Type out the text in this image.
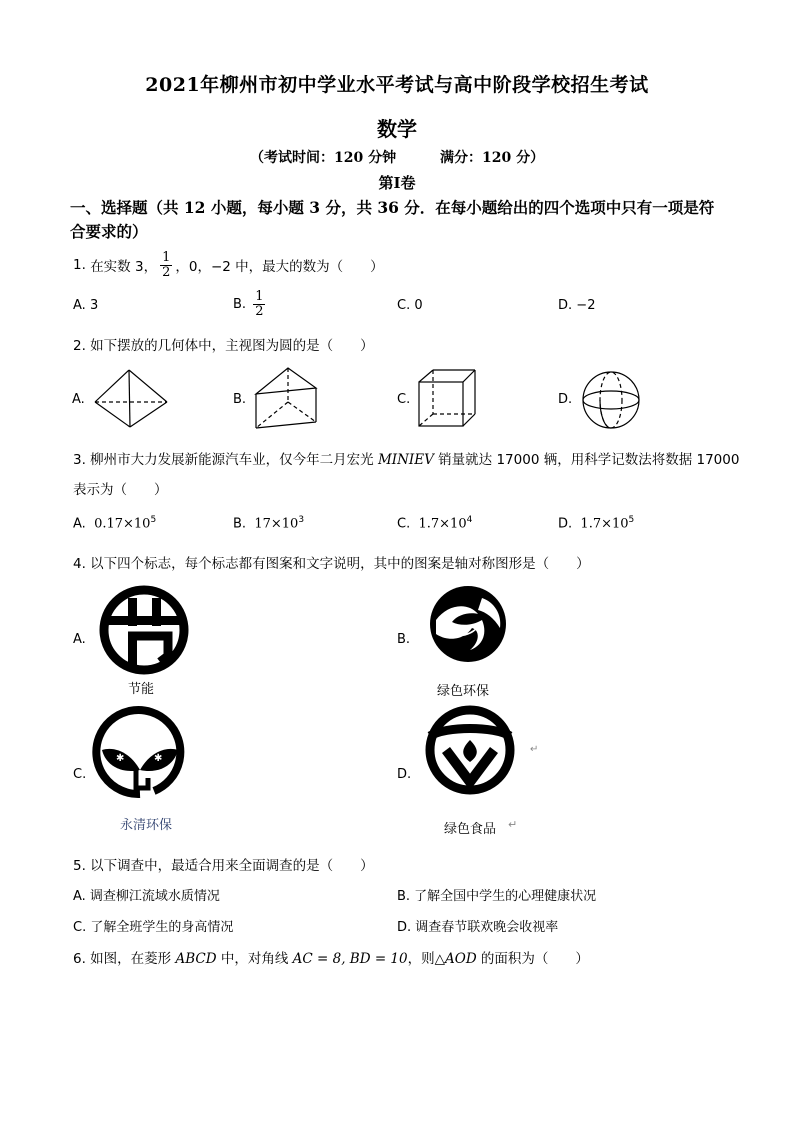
2021年柳州市初中学业水平考试与高中阶段学校招生考试
数学
（考试时间：120 分钟	满分：120 分）
第Ⅰ卷
一、选择题（共 12 小题，每小题 3 分，共 36 分．在每小题给出的四个选项中只有一项是符
合要求的）
1.
在实数 3， $\frac{1}{2}$ ，0，−2 中，最大的数为（　　）
A. 3	B.
$\frac{1}{2}$	C. 0	D. −2
2. 如下摆放的几何体中，主视图为圆的是（　　）
A.	B.	C.	D.
3. 柳州市大力发展新能源汽车业，仅今年二月宏光 MINIEV 销量就达 17000 辆，用科学记数法将数据 17000
表示为（　　）
A. $0.17\times 10^5$	B. $17\times 10^3$	C. $1.7\times 10^4$	D. $1.7\times 10^5$
4. 以下四个标志，每个标志都有图案和文字说明，其中的图案是轴对称图形是（　　）
A.
节能
B.
绿色环保
C.
✱	✱
永清环保
D.
↵
绿色食品 ↵
5. 以下调查中，最适合用来全面调查的是（　　）
A. 调查柳江流域水质情况	B. 了解全国中学生的心理健康状况
C. 了解全班学生的身高情况	D. 调查春节联欢晚会收视率
6. 如图，在菱形 ABCD 中，对角线 AC = 8, BD = 10，则△AOD 的面积为（　　）
